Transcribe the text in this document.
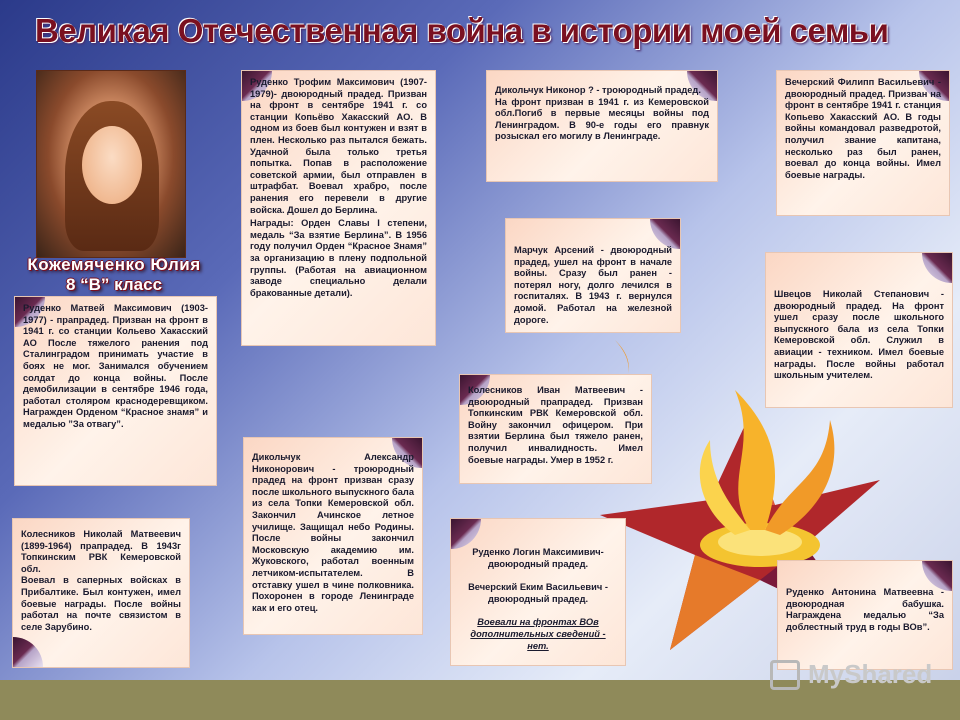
Великая Отечественная война в истории моей семьи
Кожемяченко Юлия
8 “В” класс
Руденко Трофим Максимович (1907-1979)- двоюродный прадед. Призван на фронт в сентябре 1941 г. со станции Копьёво Хакасский АО. В одном из боев был контужен и взят в плен. Несколько раз пытался бежать. Удачной была только третья попытка. Попав в расположение советской армии, был отправлен в штрафбат. Воевал храбро, после ранения его перевели в другие войска. Дошел до Берлина.
Награды: Орден Славы I степени, медаль “За взятие Берлина”. В 1956 году получил Орден “Красное Знамя” за организацию в плену подпольной группы. (Работая на авиационном заводе специально делали бракованные детали).
Дикольчук Никонор ? - троюродный прадед.
На фронт призван в 1941 г. из Кемеровской обл.Погиб в первые месяцы войны под Ленинградом. В 90-е годы его правнук розыскал его могилу в Ленинграде.
Вечерский Филипп Васильевич - двоюродный прадед. Призван на фронт в сентябре 1941 г. станция Копьево Хакасский АО. В годы войны командовал разведротой, получил звание капитана, несколько раз был ранен, воевал до конца войны. Имел боевые награды.
Руденко Матвей Максимович (1903-1977) - прапрадед. Призван на фронт в 1941 г. со станции Кольево Хакасский АО После тяжелого ранения под Сталинградом принимать участие в боях не мог. Занимался обучением солдат до конца войны. После демобилизации в сентябре 1946 года, работал столяром краснодеревщиком. Награжден Орденом “Красное знамя” и медалью ”За отвагу”.
Марчук Арсений - двоюродный прадед, ушел на фронт в начале войны. Сразу был ранен - потерял ногу, долго лечился в госпиталях. В 1943 г. вернулся домой. Работал на железной дороге.
Швецов Николай Степанович - двоюродный прадед. На фронт ушел сразу после школьного выпускного бала из села Топки Кемеровской обл. Служил в авиации - техником. Имел боевые награды. После войны работал школьным учителем.
Колесников Иван Матвеевич - двоюродный прапрадед. Призван Топкинским РВК Кемеровской обл. Войну закончил офицером. При взятии Берлина был тяжело ранен, получил инвалидность. Имел боевые награды. Умер в 1952 г.
Дикольчук Александр Никонорович - троюродный прадед на фронт призван сразу после школьного выпускного бала из села Топки Кемеровской обл. Закончил Ачинское летное училище. Защищал небо Родины. После войны закончил Московскую академию им. Жуковского, работал военным летчиком-испытателем. В отставку ушел в чине полковника. Похоронен в городе Ленинграде как и его отец.
Колесников Николай Матвеевич (1899-1964) прапрадед. В 1943г Топкинским РВК Кемеровской обл.
Воевал в саперных войсках в Прибалтике. Был контужен, имел боевые награды. После войны работал на почте связистом в селе Зарубино.
Руденко Логин Максимивич- двоюродный прадед.
Вечерский Еким Васильевич - двоюродный прадед.
Воевали на фронтах ВОв дополнительных сведений - нет.
Руденко Антонина Матвеевна - двоюродная бабушка. Награждена медалью “За доблестный труд в годы ВОв”.
MyShared
